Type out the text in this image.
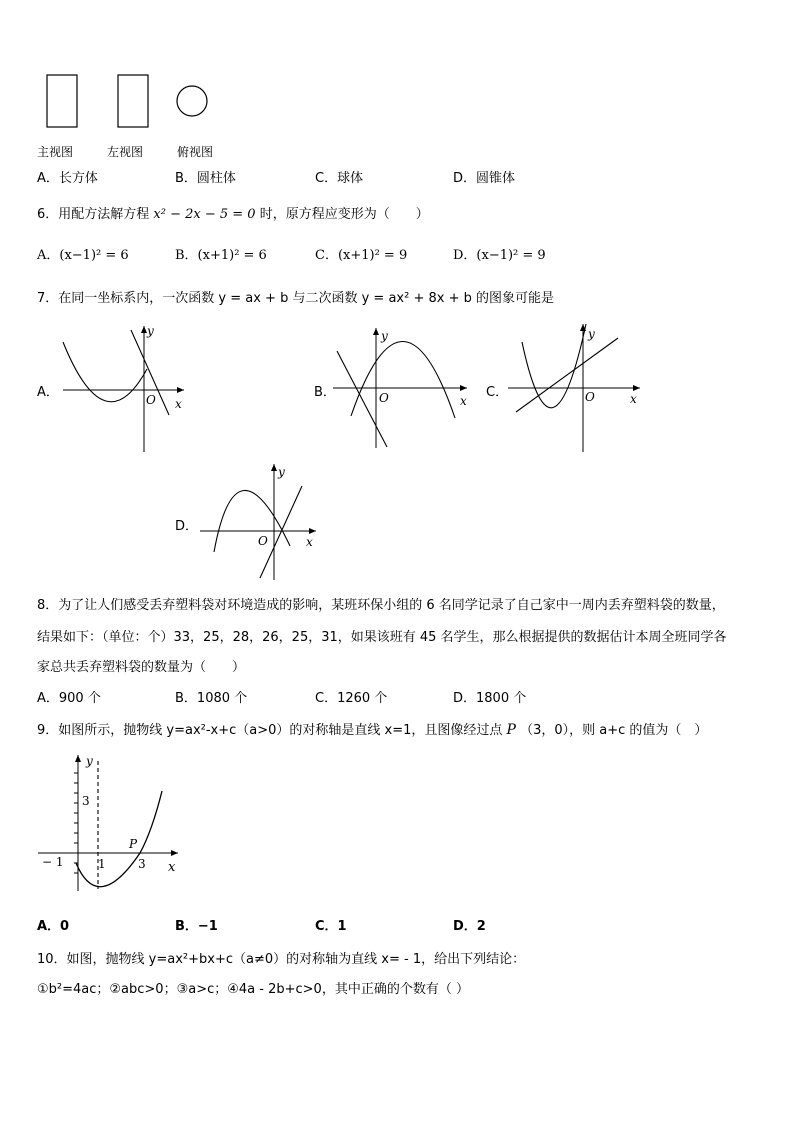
主视图	左视图	俯视图
A．长方体	B．圆柱体	C．球体	D．圆锥体
6．用配方法解方程 x² − 2x − 5 = 0 时，原方程应变形为（　　）
A．(x−1)² = 6	B．(x+1)² = 6	C．(x+1)² = 9	D．(x−1)² = 9
7．在同一坐标系内，一次函数 y = ax + b 与二次函数 y = ax² + 8x + b 的图象可能是
A．
y
x
O	B．
y
x
O	C．
y
x
O
D．
y
x
O
8．为了让人们感受丢弃塑料袋对环境造成的影响，某班环保小组的 6 名同学记录了自己家中一周内丢弃塑料袋的数量，
结果如下：（单位：个）33，25，28，26，25，31，如果该班有 45 名学生，那么根据提供的数据估计本周全班同学各
家总共丢弃塑料袋的数量为（　　）
A．900 个	B．1080 个	C．1260 个	D．1800 个
9．如图所示，抛物线 y=ax²-x+c（a>0）的对称轴是直线 x=1，且图像经过点 P （3，0），则 a+c 的值为（　）
y
3
− 1	1	3
P
x
A．0	B．−1	C．1	D．2
10．如图，抛物线 y=ax²+bx+c（a≠0）的对称轴为直线 x= - 1，给出下列结论：
①b²=4ac；②abc>0；③a>c；④4a - 2b+c>0，其中正确的个数有（ ）
